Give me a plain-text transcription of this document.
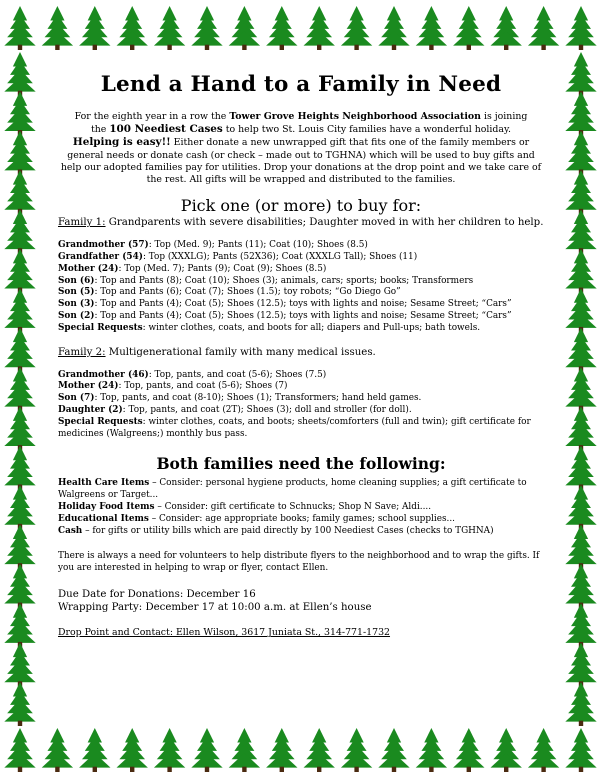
Lend a Hand to a Family in Need
For the eighth year in a row the Tower Grove Heights Neighborhood Association is joining
the 100 Neediest Cases to help two St. Louis City families have a wonderful holiday.
Helping is easy!! Either donate a new unwrapped gift that fits one of the family members or general needs or donate cash (or check – made out to TGHNA) which will be used to buy gifts and help our adopted families pay for utilities. Drop your donations at the drop point and we take care of the rest. All gifts will be wrapped and distributed to the families.
Pick one (or more) to buy for:
Family 1: Grandparents with severe disabilities; Daughter moved in with her children to help.
Grandmother (57): Top (Med. 9); Pants (11); Coat (10); Shoes (8.5)
Grandfather (54): Top (XXXLG); Pants (52X36); Coat (XXXLG Tall); Shoes (11)
Mother (24): Top (Med. 7); Pants (9); Coat (9); Shoes (8.5)
Son (6): Top and Pants (8); Coat (10); Shoes (3); animals, cars; sports; books; Transformers
Son (5): Top and Pants (6); Coat (7); Shoes (1.5); toy robots; “Go Diego Go”
Son (3): Top and Pants (4); Coat (5); Shoes (12.5); toys with lights and noise; Sesame Street; “Cars”
Son (2): Top and Pants (4); Coat (5); Shoes (12.5); toys with lights and noise; Sesame Street; “Cars”
Special Requests: winter clothes, coats, and boots for all; diapers and Pull-ups; bath towels.
Family 2: Multigenerational family with many medical issues.
Grandmother (46): Top, pants, and coat (5-6); Shoes (7.5)
Mother (24): Top, pants, and coat (5-6); Shoes (7)
Son (7): Top, pants, and coat (8-10); Shoes (1); Transformers; hand held games.
Daughter (2): Top, pants, and coat (2T); Shoes (3); doll and stroller (for doll).
Special Requests: winter clothes, coats, and boots; sheets/comforters (full and twin); gift certificate for medicines (Walgreens;) monthly bus pass.
Both families need the following:
Health Care Items – Consider: personal hygiene products, home cleaning supplies; a gift certificate to Walgreens or Target...
Holiday Food Items – Consider: gift certificate to Schnucks; Shop N Save; Aldi....
Educational Items – Consider: age appropriate books; family games; school supplies...
Cash – for gifts or utility bills which are paid directly by 100 Neediest Cases (checks to TGHNA)
There is always a need for volunteers to help distribute flyers to the neighborhood and to wrap the gifts. If you are interested in helping to wrap or flyer, contact Ellen.
Due Date for Donations: December 16
Wrapping Party: December 17 at 10:00 a.m. at Ellen’s house
Drop Point and Contact: Ellen Wilson, 3617 Juniata St., 314-771-1732
